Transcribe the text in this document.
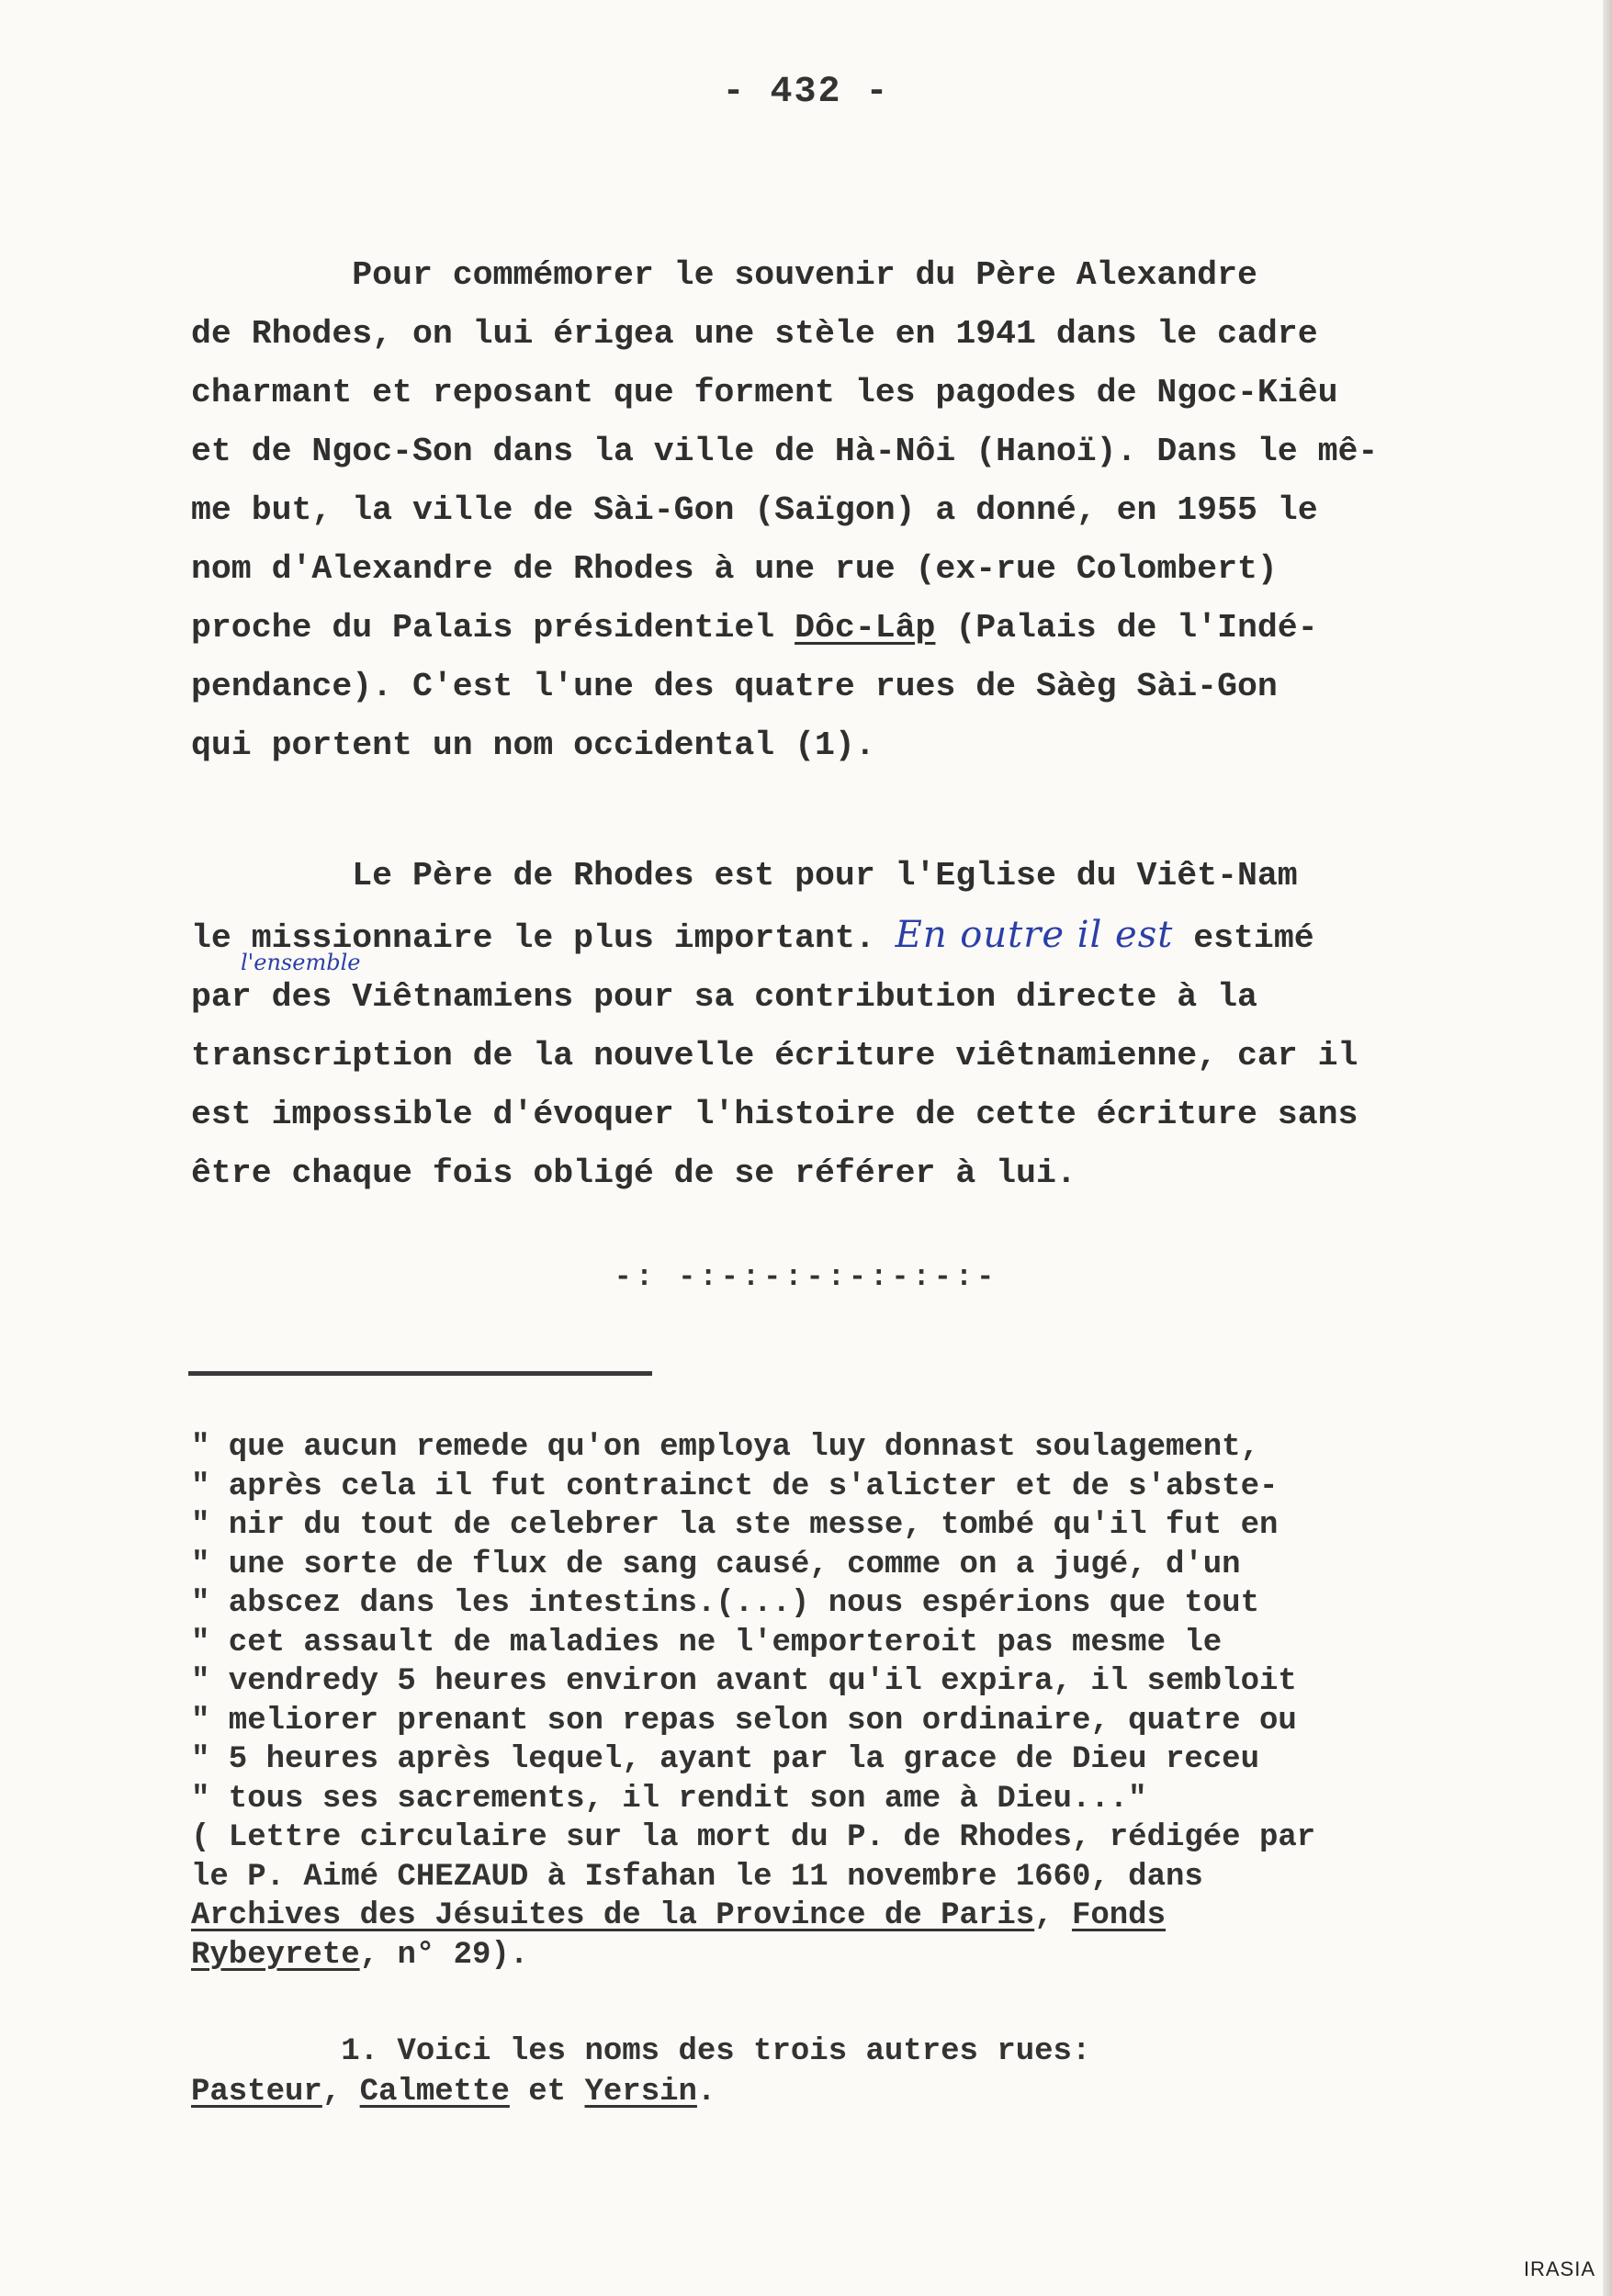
- 432 -
Pour commémorer le souvenir du Père Alexandre
de Rhodes, on lui érigea une stèle en 1941 dans le cadre
charmant et reposant que forment les pagodes de Ngoc-Kiêu
et de Ngoc-Son dans la ville de Hà-Nôi (Hanoï). Dans le mê-
me but, la ville de Sài-Gon (Saïgon) a donné, en 1955 le
nom d'Alexandre de Rhodes à une rue (ex-rue Colombert)
proche du Palais présidentiel Dôc-Lâp (Palais de l'Indé-
pendance). C'est l'une des quatre rues de Sàèg Sài-Gon
qui portent un nom occidental (1).
Le Père de Rhodes est pour l'Eglise du Viêt-Nam
le missionnaire le plus important. En outre il est estimé
par des Viêtnamiens pour sa contribution directe à la
transcription de la nouvelle écriture viêtnamienne, car il
est impossible d'évoquer l'histoire de cette écriture sans
être chaque fois obligé de se référer à lui.
l'ensemble
-: -:-:-:-:-:-:-:-
" que aucun remede qu'on employa luy donnast soulagement,
" après cela il fut contrainct de s'alicter et de s'abste-
" nir du tout de celebrer la ste messe, tombé qu'il fut en
" une sorte de flux de sang causé, comme on a jugé, d'un
" abscez dans les intestins.(...) nous espérions que tout
" cet assault de maladies ne l'emporteroit pas mesme le
" vendredy 5 heures environ avant qu'il expira, il sembloit
" meliorer prenant son repas selon son ordinaire, quatre ou
" 5 heures après lequel, ayant par la grace de Dieu receu
" tous ses sacrements, il rendit son ame à Dieu..."
( Lettre circulaire sur la mort du P. de Rhodes, rédigée par
le P. Aimé CHEZAUD à Isfahan le 11 novembre 1660, dans
Archives des Jésuites de la Province de Paris, Fonds
Rybeyrete, n° 29).
1. Voici les noms des trois autres rues:
Pasteur, Calmette et Yersin.
IRASIA
